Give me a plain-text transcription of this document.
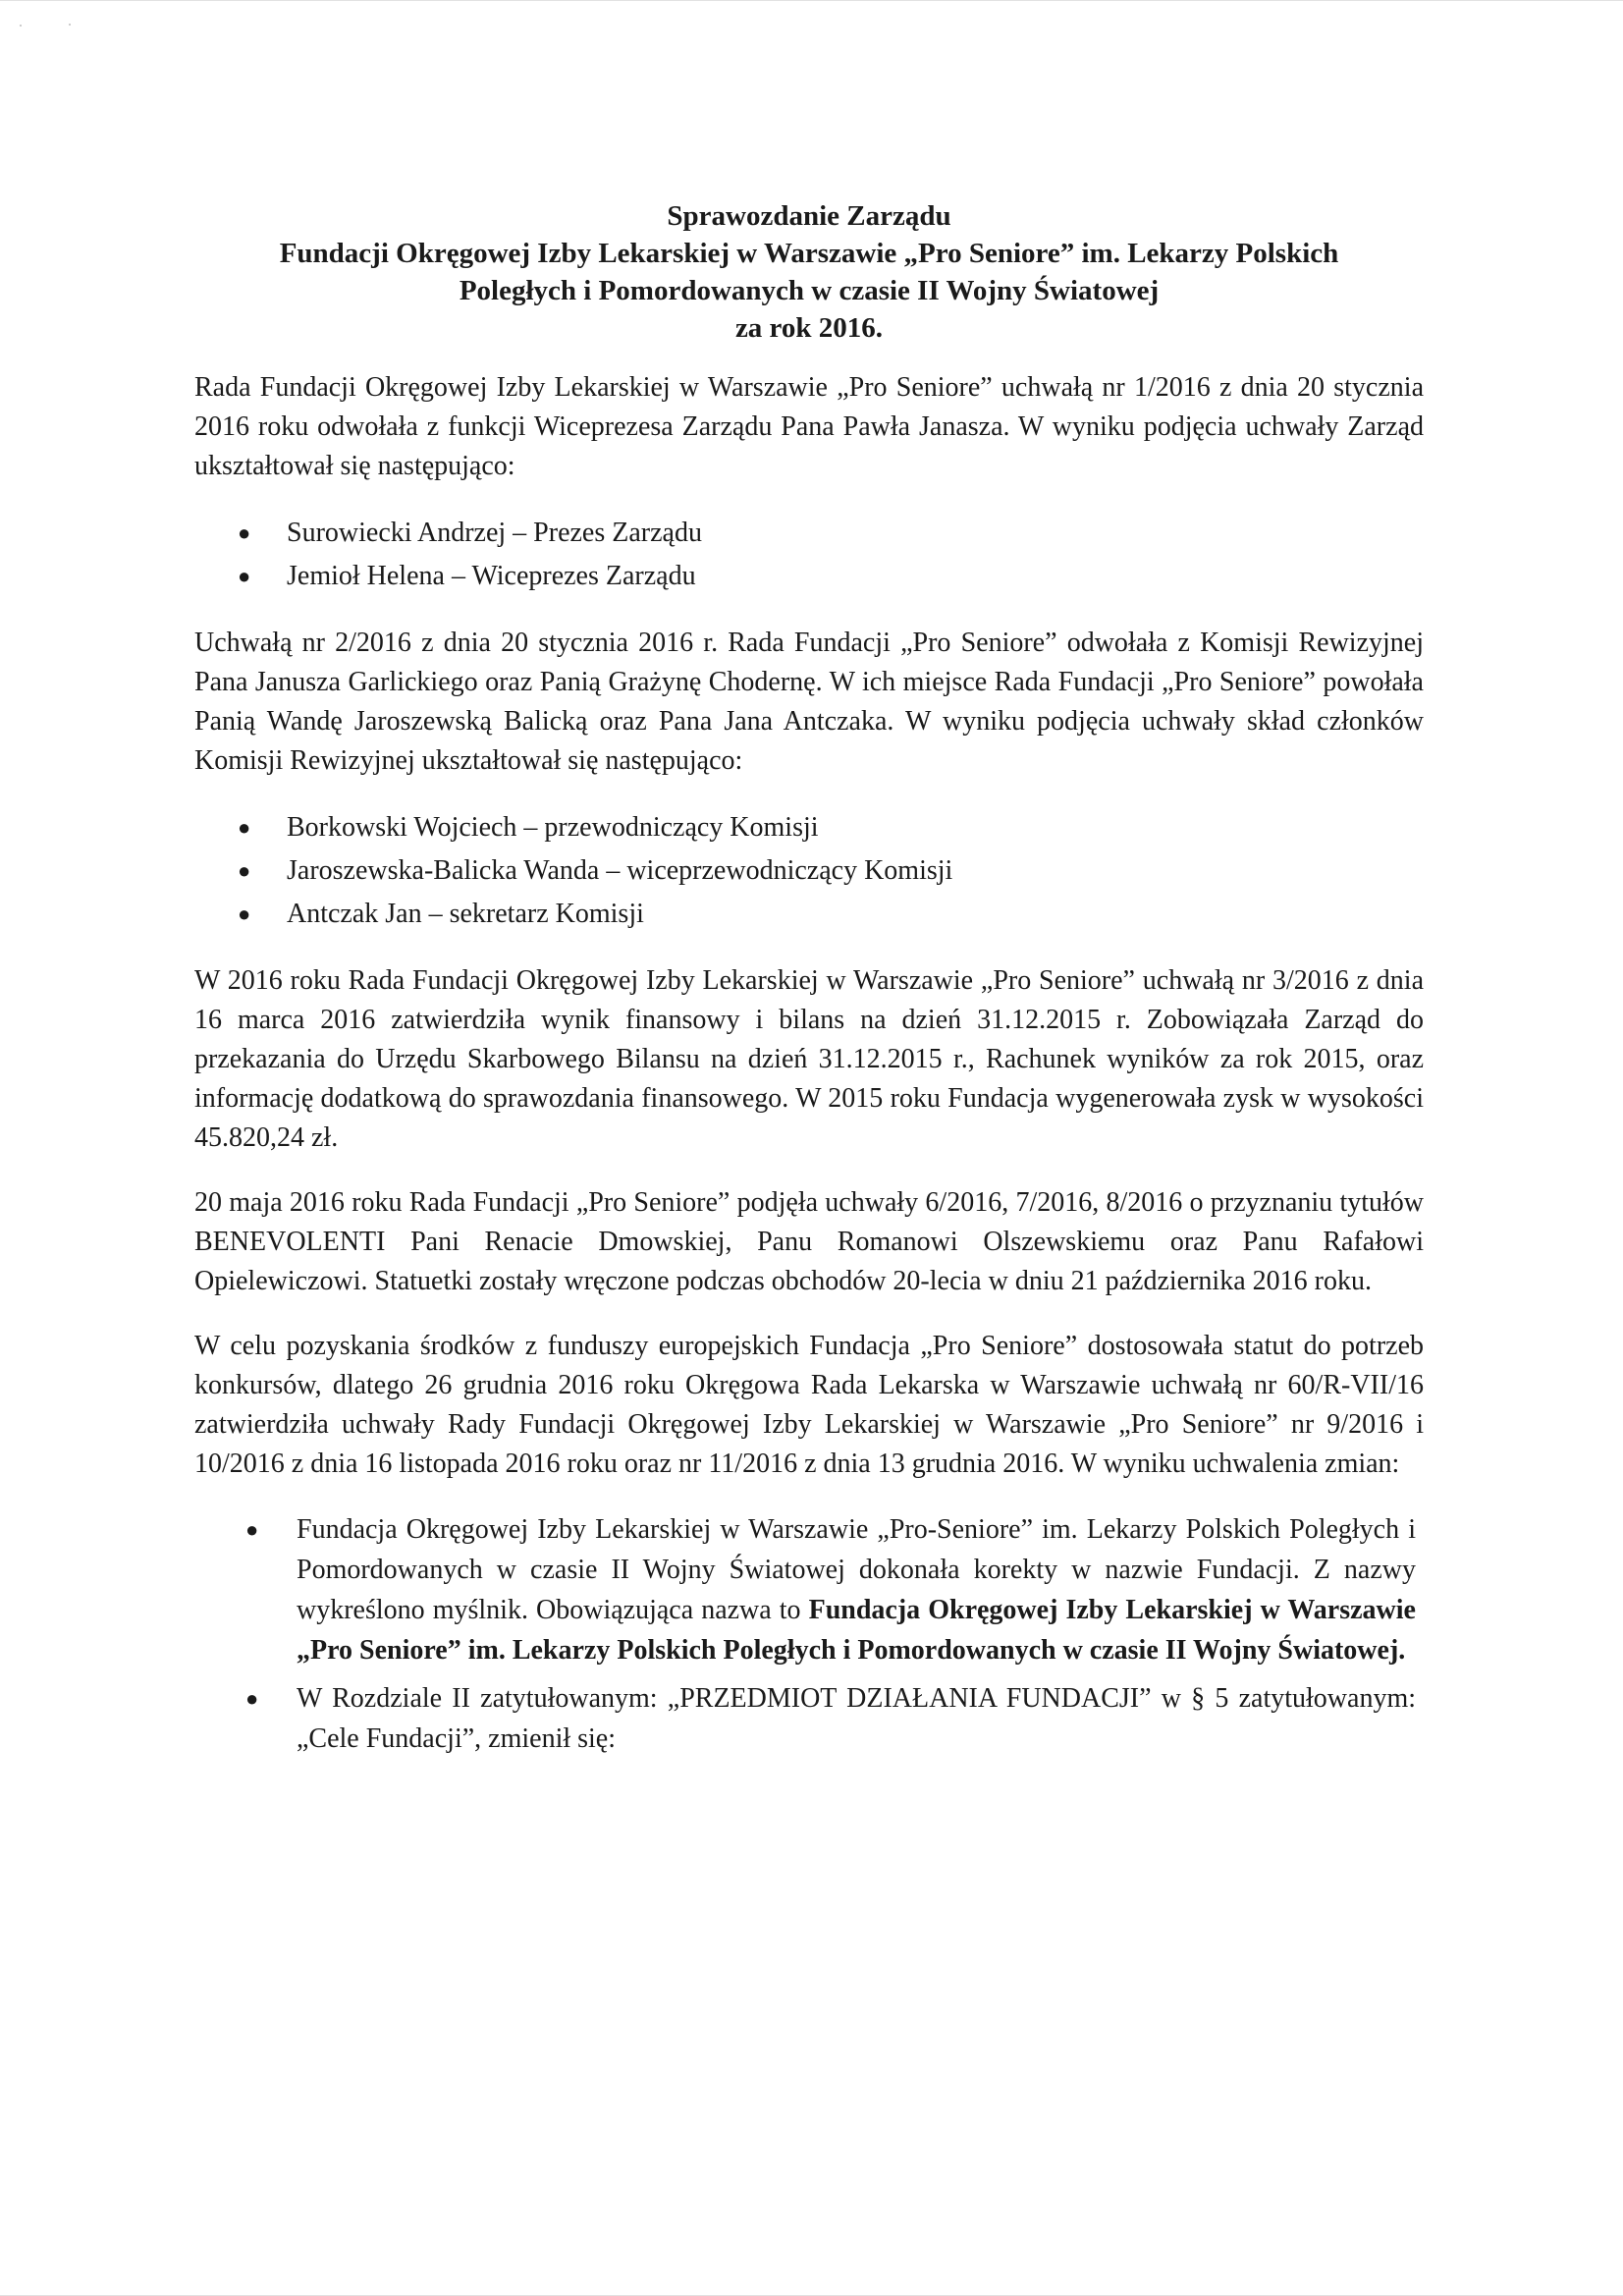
Sprawozdanie Zarządu
Fundacji Okręgowej Izby Lekarskiej w Warszawie „Pro Seniore” im. Lekarzy Polskich
Poległych i Pomordowanych w czasie II Wojny Światowej
za rok 2016.

Rada Fundacji Okręgowej Izby Lekarskiej w Warszawie „Pro Seniore” uchwałą nr 1/2016 z dnia 20 stycznia 2016 roku odwołała z funkcji Wiceprezesa Zarządu Pana Pawła Janasza. W wyniku podjęcia uchwały Zarząd ukształtował się następująco:

● Surowiecki Andrzej – Prezes Zarządu
● Jemioł Helena – Wiceprezes Zarządu

Uchwałą nr 2/2016 z dnia 20 stycznia 2016 r. Rada Fundacji „Pro Seniore” odwołała z Komisji Rewizyjnej Pana Janusza Garlickiego oraz Panią Grażynę Chodernę. W ich miejsce Rada Fundacji „Pro Seniore” powołała Panią Wandę Jaroszewską Balicką oraz Pana Jana Antczaka. W wyniku podjęcia uchwały skład członków Komisji Rewizyjnej ukształtował się następująco:

● Borkowski Wojciech – przewodniczący Komisji
● Jaroszewska-Balicka Wanda – wiceprzewodniczący Komisji
● Antczak Jan – sekretarz Komisji

W 2016 roku Rada Fundacji Okręgowej Izby Lekarskiej w Warszawie „Pro Seniore” uchwałą nr 3/2016 z dnia 16 marca 2016 zatwierdziła wynik finansowy i bilans na dzień 31.12.2015 r. Zobowiązała Zarząd do przekazania do Urzędu Skarbowego Bilansu na dzień 31.12.2015 r., Rachunek wyników za rok 2015, oraz informację dodatkową do sprawozdania finansowego. W 2015 roku Fundacja wygenerowała zysk w wysokości 45.820,24 zł.

20 maja 2016 roku Rada Fundacji „Pro Seniore” podjęła uchwały 6/2016, 7/2016, 8/2016 o przyznaniu tytułów BENEVOLENTI Pani Renacie Dmowskiej, Panu Romanowi Olszewskiemu oraz Panu Rafałowi Opielewiczowi. Statuetki zostały wręczone podczas obchodów 20-lecia w dniu 21 października 2016 roku.

W celu pozyskania środków z funduszy europejskich Fundacja „Pro Seniore” dostosowała statut do potrzeb konkursów, dlatego 26 grudnia 2016 roku Okręgowa Rada Lekarska w Warszawie uchwałą nr 60/R-VII/16 zatwierdziła uchwały Rady Fundacji Okręgowej Izby Lekarskiej w Warszawie „Pro Seniore” nr 9/2016 i 10/2016 z dnia 16 listopada 2016 roku oraz nr 11/2016 z dnia 13 grudnia 2016. W wyniku uchwalenia zmian:

● Fundacja Okręgowej Izby Lekarskiej w Warszawie „Pro-Seniore” im. Lekarzy Polskich Poległych i Pomordowanych w czasie II Wojny Światowej dokonała korekty w nazwie Fundacji. Z nazwy wykreślono myślnik. Obowiązująca nazwa to Fundacja Okręgowej Izby Lekarskiej w Warszawie „Pro Seniore” im. Lekarzy Polskich Poległych i Pomordowanych w czasie II Wojny Światowej.
● W Rozdziale II zatytułowanym: „PRZEDMIOT DZIAŁANIA FUNDACJI” w § 5 zatytułowanym: „Cele Fundacji”, zmienił się:
